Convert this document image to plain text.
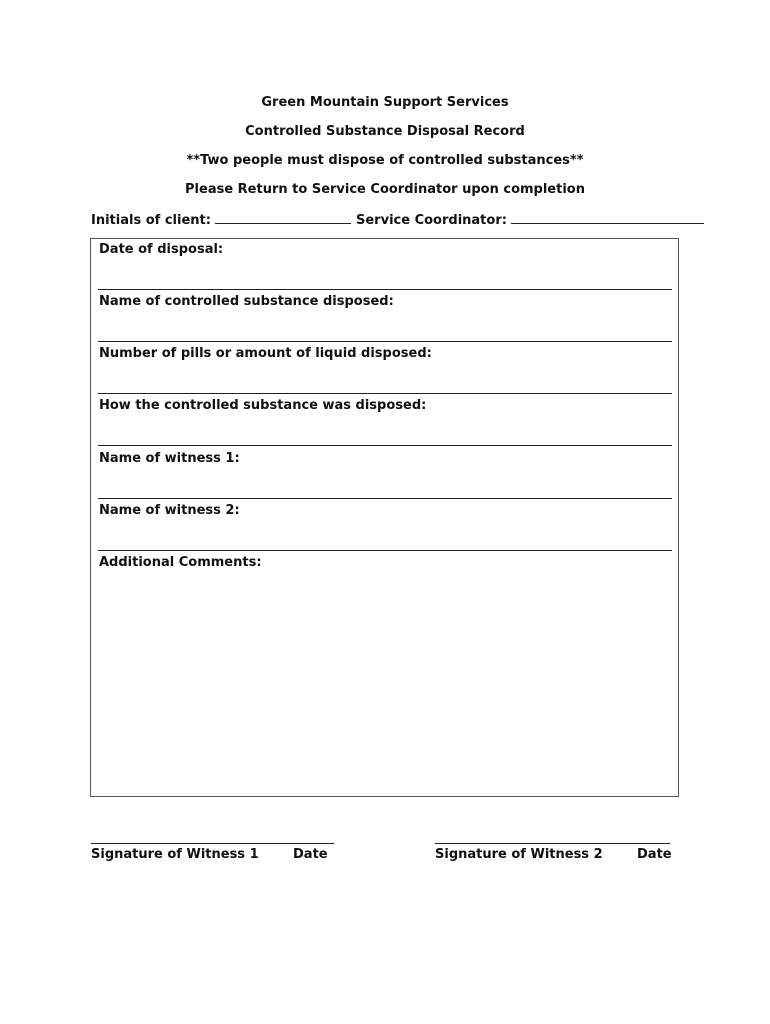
Green Mountain Support Services
Controlled Substance Disposal Record
**Two people must dispose of controlled substances**
Please Return to Service Coordinator upon completion
Initials of client:	Service Coordinator:
Date of disposal:
Name of controlled substance disposed:
Number of pills or amount of liquid disposed:
How the controlled substance was disposed:
Name of witness 1:
Name of witness 2:
Additional Comments:
Signature of Witness 1	Date	Signature of Witness 2	Date
